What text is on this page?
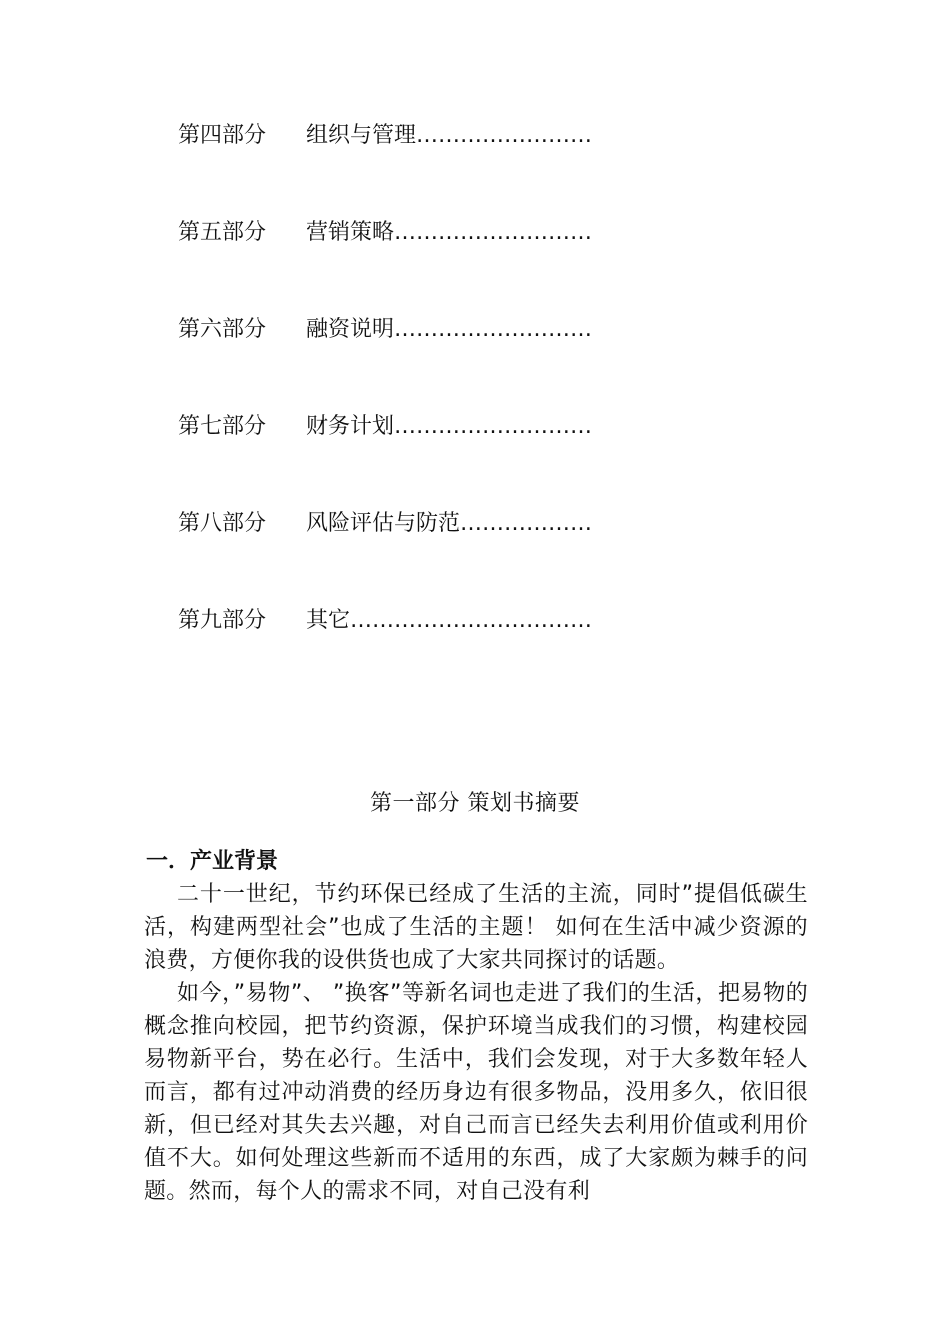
第四部分 组织与管理……………………
第五部分 营销策略………………………
第六部分 融资说明………………………
第七部分 财务计划………………………
第八部分 风险评估与防范………………
第九部分 其它……………………………
第一部分 策划书摘要
一．产业背景

二十一世纪，节约环保已经成了生活的主流，同时”提倡低碳生活，构建两型社会”也成了生活的主题！ 如何在生活中减少资源的浪费，方便你我的设供货也成了大家共同探讨的话题。

如今，”易物”、 ”换客”等新名词也走进了我们的生活，把易物的概念推向校园，把节约资源，保护环境当成我们的习惯，构建校园易物新平台，势在必行。生活中，我们会发现，对于大多数年轻人而言，都有过冲动消费的经历身边有很多物品，没用多久，依旧很新，但已经对其失去兴趣，对自己而言已经失去利用价值或利用价值不大。如何处理这些新而不适用的东西，成了大家颇为棘手的问题。然而，每个人的需求不同，对自己没有利
